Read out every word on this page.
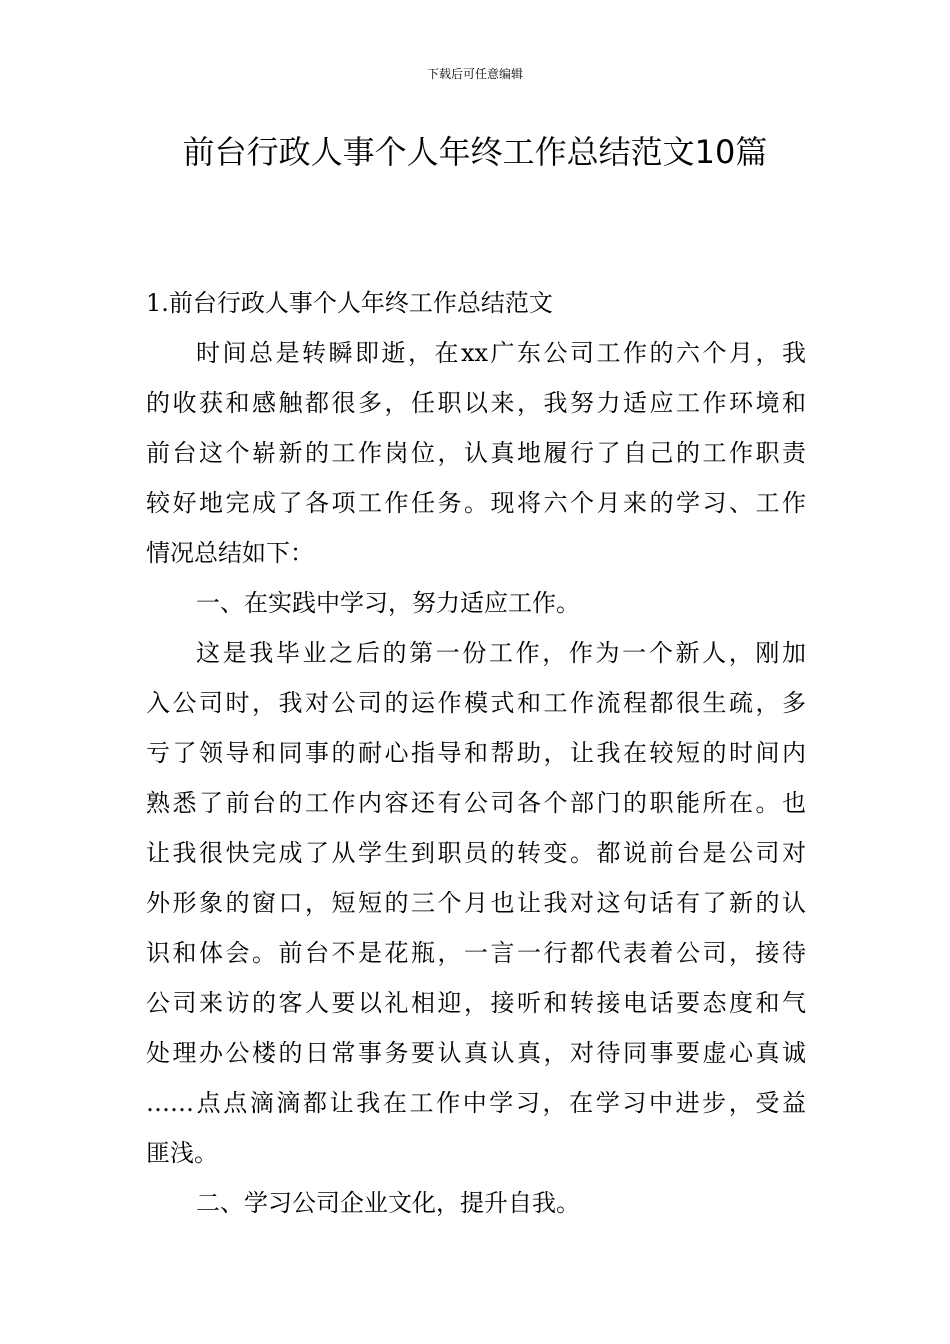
下载后可任意编辑
前台行政人事个人年终工作总结范文10篇
1.前台行政人事个人年终工作总结范文
时间总是转瞬即逝，在xx广东公司工作的六个月，我
的收获和感触都很多，任职以来，我努力适应工作环境和
前台这个崭新的工作岗位，认真地履行了自己的工作职责
较好地完成了各项工作任务。现将六个月来的学习、工作
情况总结如下：
一、在实践中学习，努力适应工作。
这是我毕业之后的第一份工作，作为一个新人，刚加
入公司时，我对公司的运作模式和工作流程都很生疏，多
亏了领导和同事的耐心指导和帮助，让我在较短的时间内
熟悉了前台的工作内容还有公司各个部门的职能所在。也
让我很快完成了从学生到职员的转变。都说前台是公司对
外形象的窗口，短短的三个月也让我对这句话有了新的认
识和体会。前台不是花瓶，一言一行都代表着公司，接待
公司来访的客人要以礼相迎，接听和转接电话要态度和气
处理办公楼的日常事务要认真认真，对待同事要虚心真诚
……点点滴滴都让我在工作中学习，在学习中进步，受益
匪浅。
二、学习公司企业文化，提升自我。
